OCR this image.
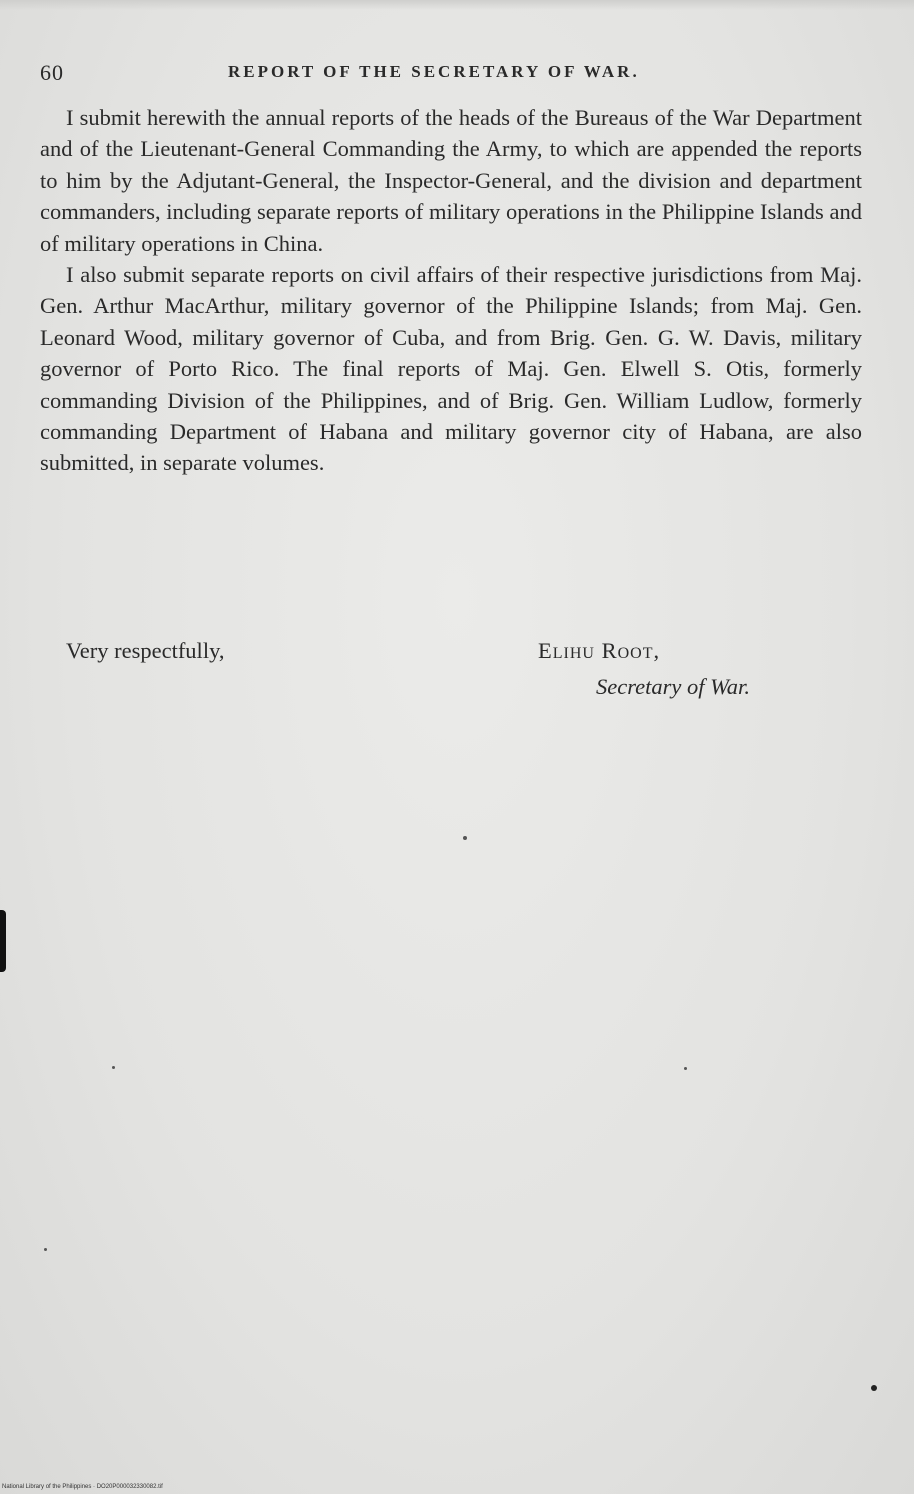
60	REPORT OF THE SECRETARY OF WAR.

I submit herewith the annual reports of the heads of the Bureaus of the War Department and of the Lieutenant-General Commanding the Army, to which are appended the reports to him by the Adjutant-General, the Inspector-General, and the division and department commanders, including separate reports of military operations in the Philippine Islands and of military operations in China.

I also submit separate reports on civil affairs of their respective jurisdictions from Maj. Gen. Arthur MacArthur, military governor of the Philippine Islands; from Maj. Gen. Leonard Wood, military governor of Cuba, and from Brig. Gen. G. W. Davis, military governor of Porto Rico. The final reports of Maj. Gen. Elwell S. Otis, formerly commanding Division of the Philippines, and of Brig. Gen. William Ludlow, formerly commanding Department of Habana and military governor city of Habana, are also submitted, in separate volumes.

Very respectfully,	Elihu Root,
Secretary of War.
National Library of the Philippines · DO20P000032330082.tif
